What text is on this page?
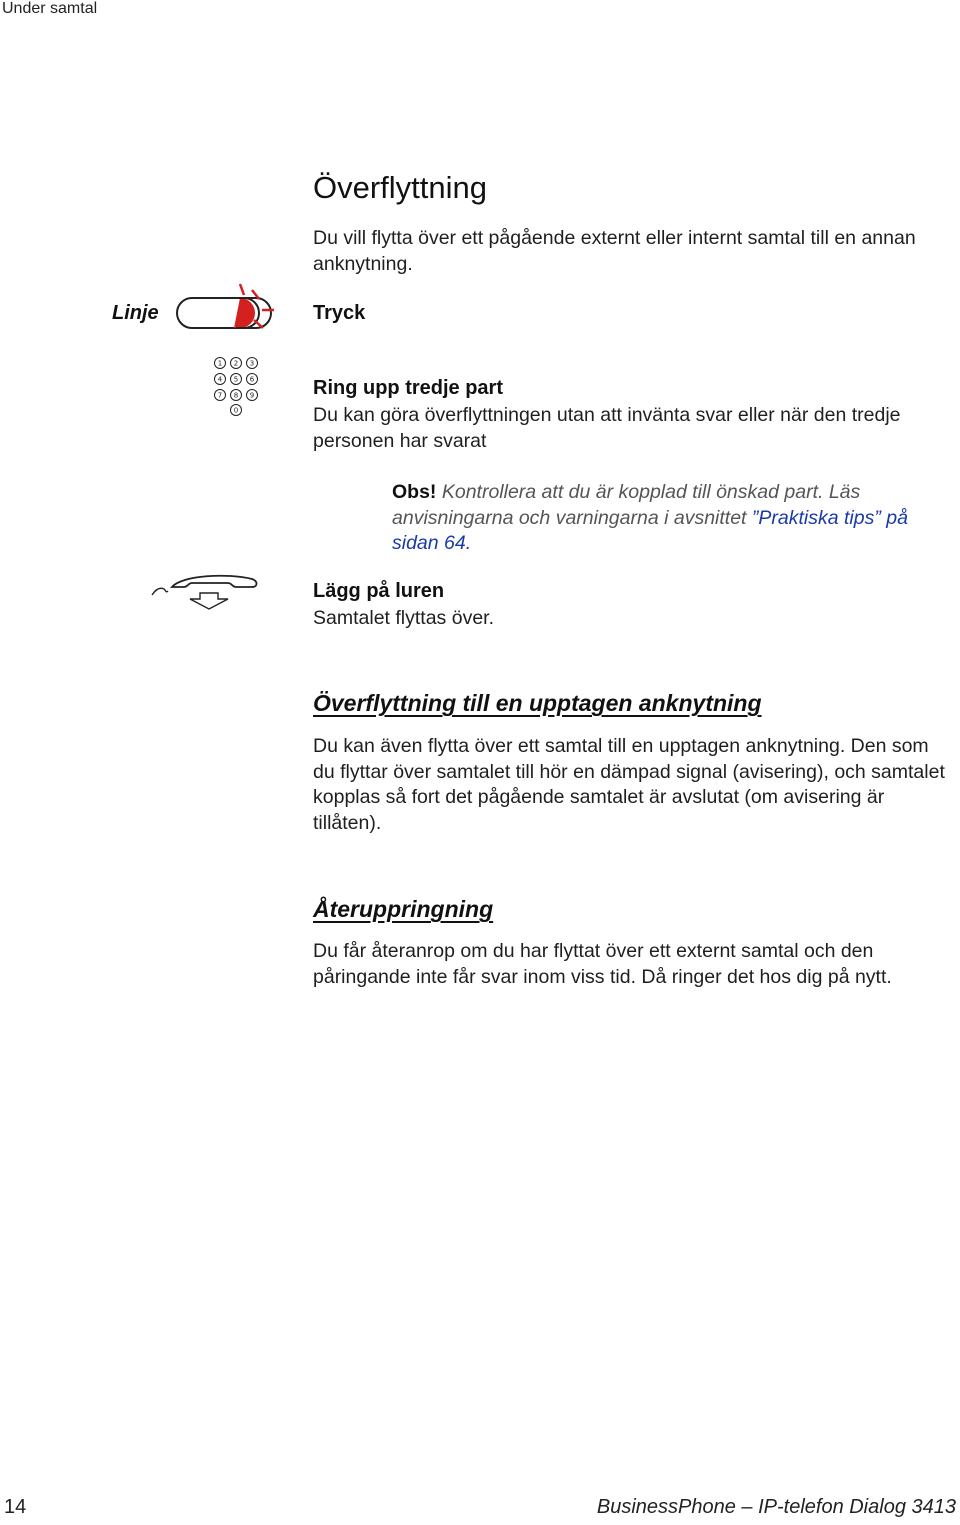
Under samtal
Överflyttning
Du vill flytta över ett pågående externt eller internt samtal till en annan anknytning.
Linje	Tryck
1 2 3
4 5 6
7 8 9
0
Ring upp tredje part
Du kan göra överflyttningen utan att invänta svar eller när den tredje personen har svarat
Obs! Kontrollera att du är kopplad till önskad part. Läs anvisningarna och varningarna i avsnittet ”Praktiska tips” på sidan 64.
Lägg på luren
Samtalet flyttas över.
Överflyttning till en upptagen anknytning
Du kan även flytta över ett samtal till en upptagen anknytning. Den som du flyttar över samtalet till hör en dämpad signal (avisering), och samtalet kopplas så fort det pågående samtalet är avslutat (om avisering är tillåten).
Återuppringning
Du får återanrop om du har flyttat över ett externt samtal och den påringande inte får svar inom viss tid. Då ringer det hos dig på nytt.
14	BusinessPhone – IP-telefon Dialog 3413
